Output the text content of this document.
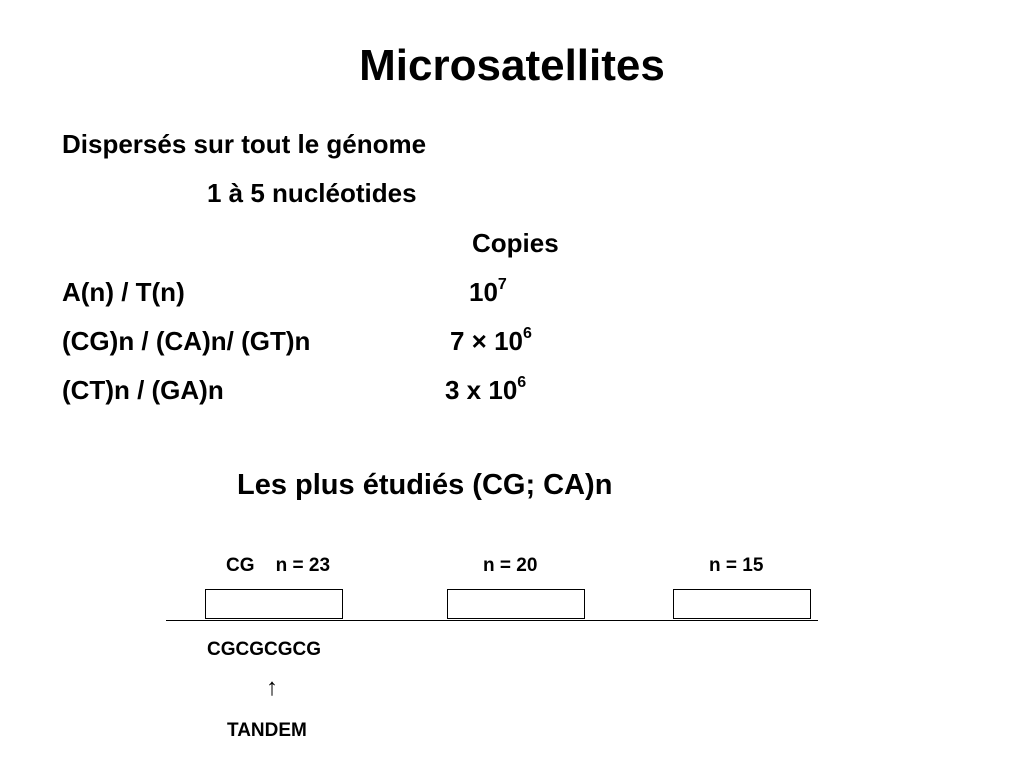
Microsatellites
Dispersés sur tout le génome
1 à 5 nucléotides
Copies
A(n) / T(n)	$10^7$
(CG)n / (CA)n/ (GT)n	$7 \times 10^6$
(CT)n / (GA)n	3 x $10^6$
Les plus étudiés (CG; CA)n
CG    n = 23	n = 20	n = 15
CGCGCGCG
↑
TANDEM
